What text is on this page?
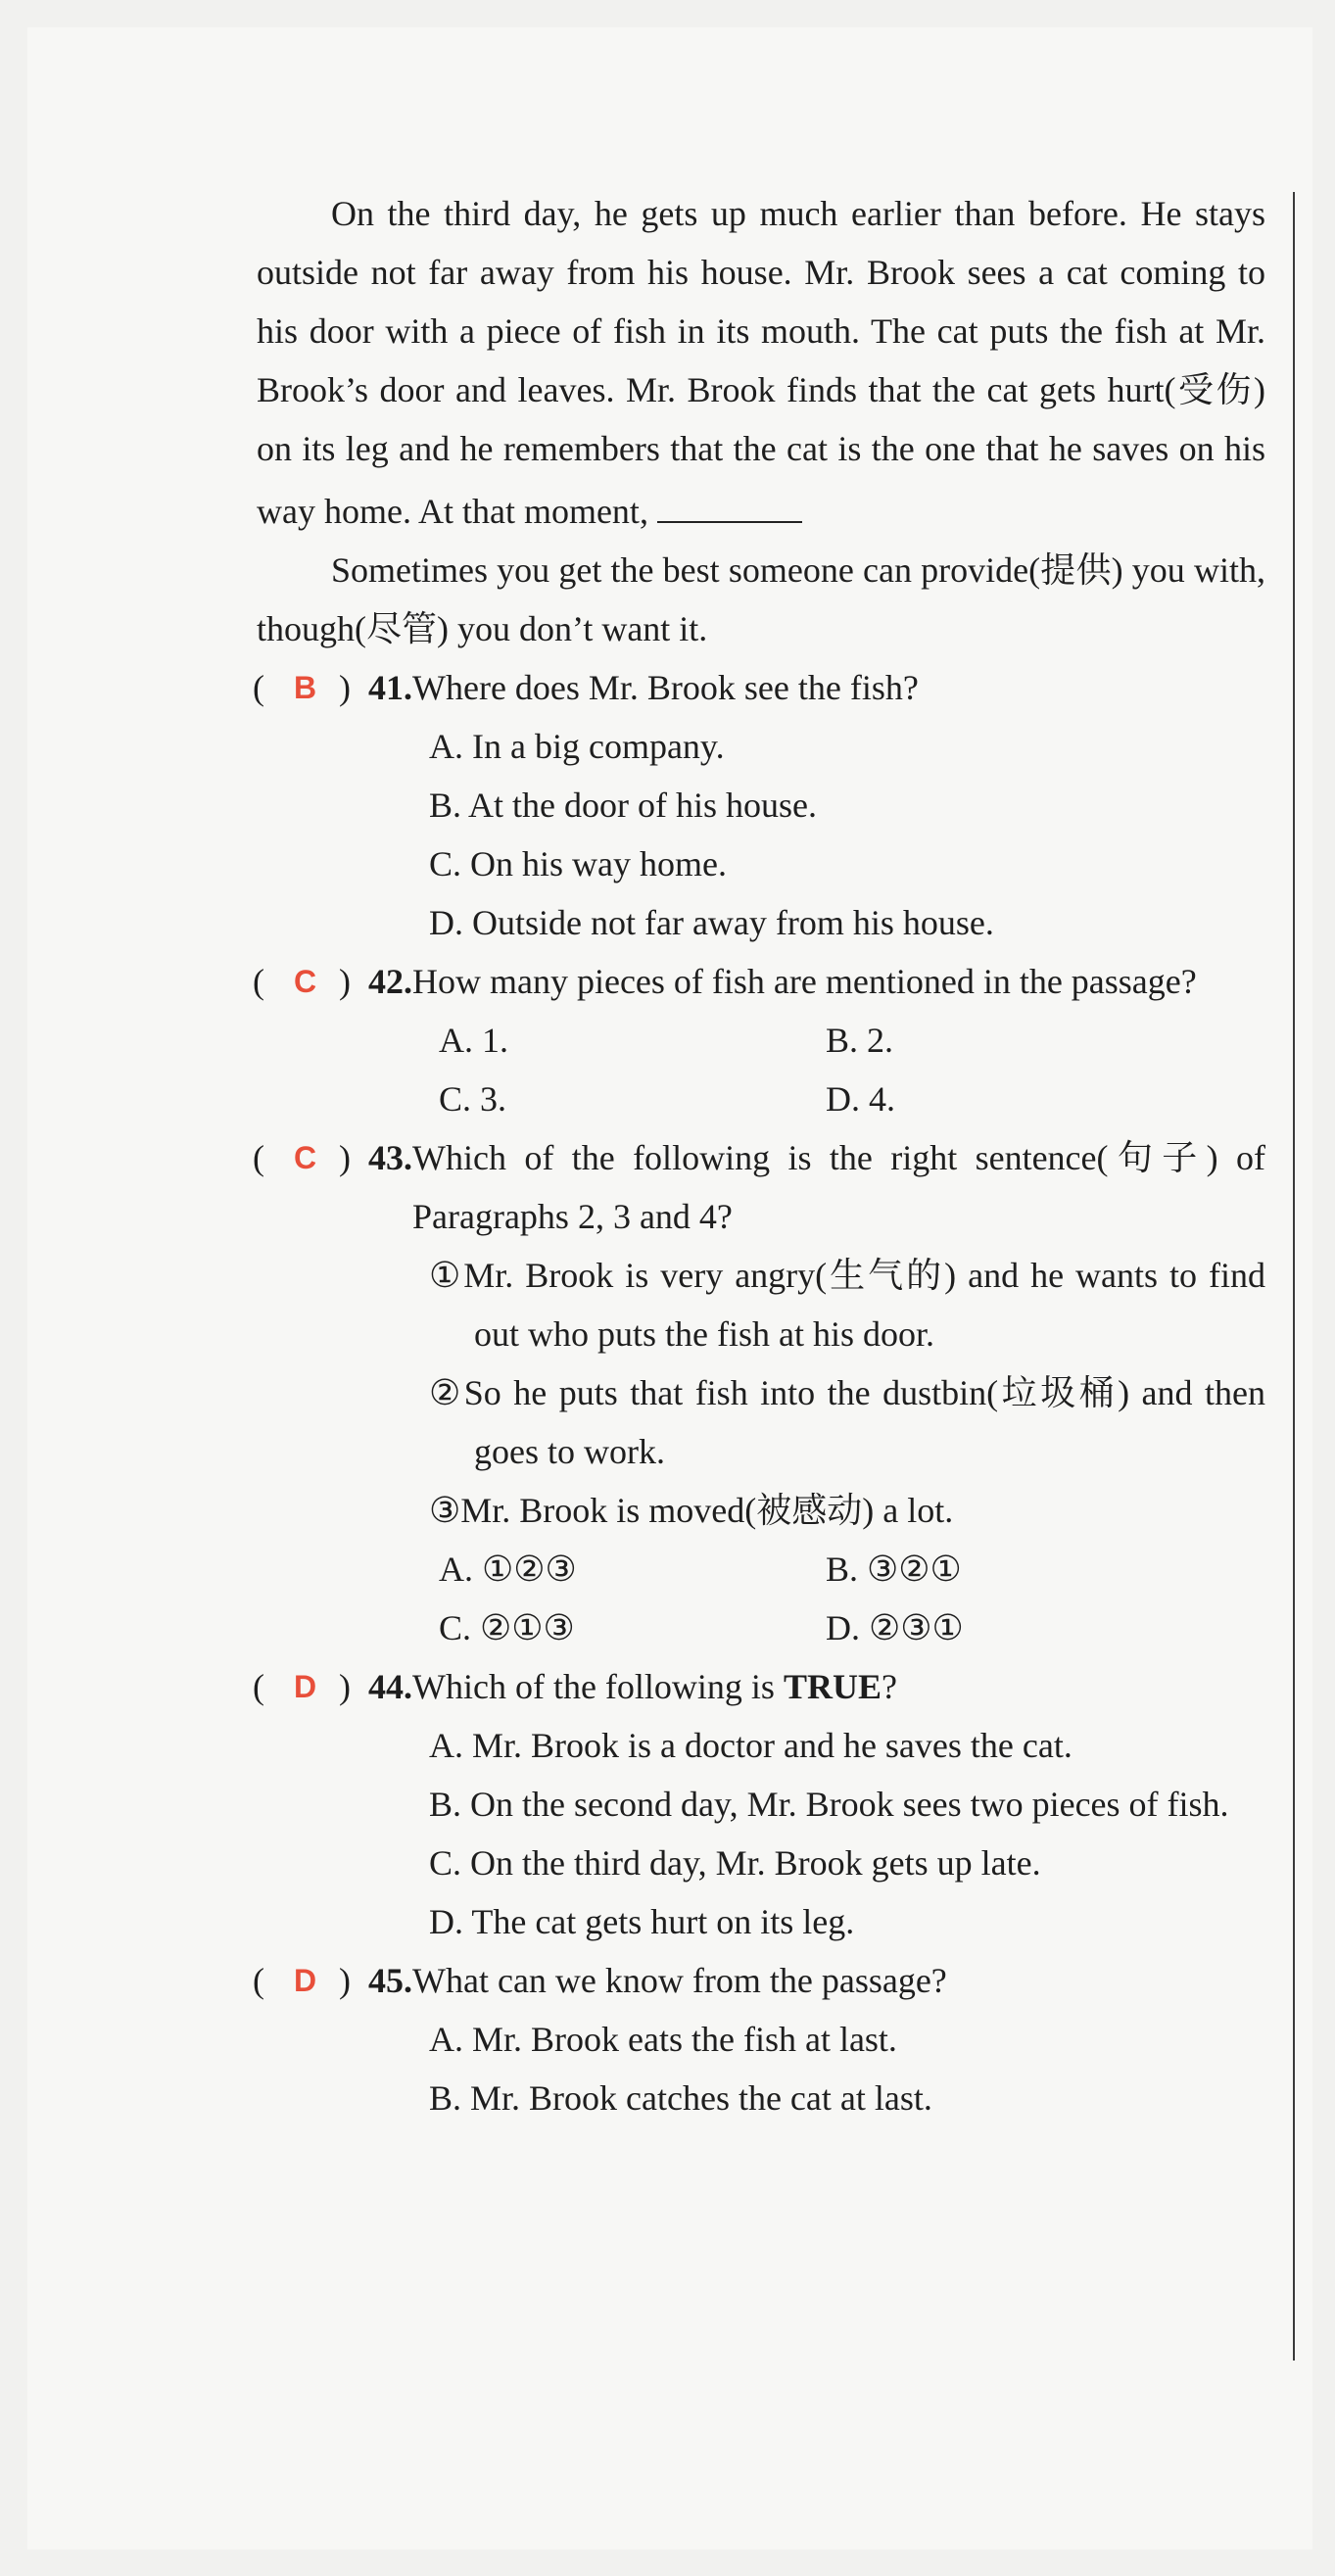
On the third day, he gets up much earlier than before. He stays outside not far away from his house. Mr. Brook sees a cat coming to his door with a piece of fish in its mouth. The cat puts the fish at Mr. Brook’s door and leaves. Mr. Brook finds that the cat gets hurt(受伤) on its leg and he remembers that the cat is the one that he saves on his way home. At that moment,

Sometimes you get the best someone can provide(提供) you with, though(尽管) you don’t want it.

( B ) 41. Where does Mr. Brook see the fish?
A. In a big company.
B. At the door of his house.
C. On his way home.
D. Outside not far away from his house.
( C ) 42. How many pieces of fish are mentioned in the passage?
A. 1.	B. 2.
C. 3.	D. 4.
( C ) 43. Which of the following is the right sentence(句子) of Paragraphs 2, 3 and 4?
①Mr. Brook is very angry(生气的) and he wants to find out who puts the fish at his door.
②So he puts that fish into the dustbin(垃圾桶) and then goes to work.
③Mr. Brook is moved(被感动) a lot.
A. ①②③	B. ③②①
C. ②①③	D. ②③①
( D ) 44. Which of the following is TRUE?
A. Mr. Brook is a doctor and he saves the cat.
B. On the second day, Mr. Brook sees two pieces of fish.
C. On the third day, Mr. Brook gets up late.
D. The cat gets hurt on its leg.
( D ) 45. What can we know from the passage?
A. Mr. Brook eats the fish at last.
B. Mr. Brook catches the cat at last.
